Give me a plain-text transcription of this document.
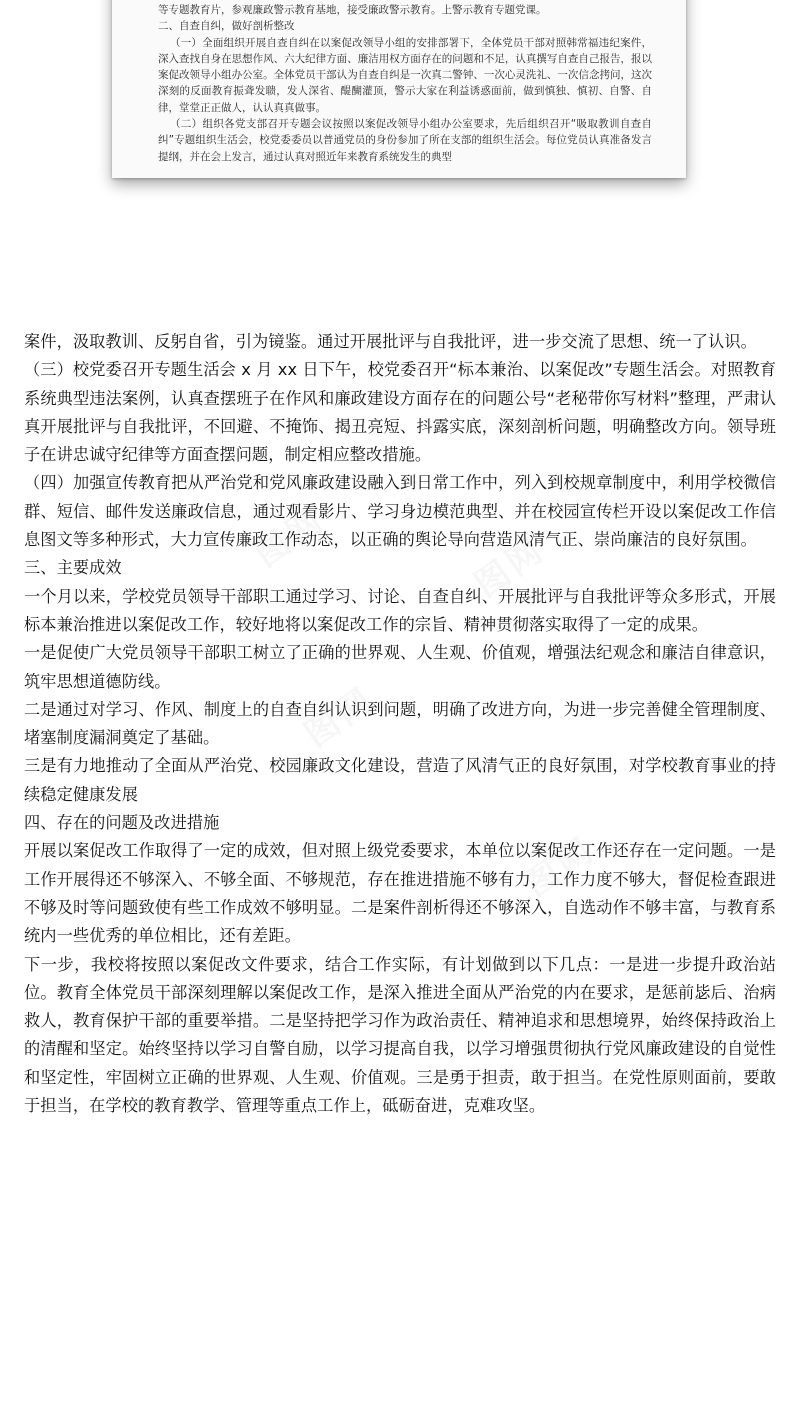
等专题教育片，参观廉政警示教育基地，接受廉政警示教育。上警示教育专题党课。

二、自查自纠，做好剖析整改

（一）全面组织开展自查自纠在以案促改领导小组的安排部署下，全体党员干部对照韩常福违纪案件，深入查找自身在思想作风、六大纪律方面、廉洁用权方面存在的问题和不足，认真撰写自查自己报告，报以案促改领导小组办公室。全体党员干部认为自查自纠是一次真二警钟、一次心灵洗礼、一次信念拷问，这次深刻的反面教育振聋发聩，发人深省、醍醐灌顶，警示大家在利益诱惑面前，做到慎独、慎初、自警、自律，堂堂正正做人，认认真真做事。

（二）组织各党支部召开专题会议按照以案促改领导小组办公室要求，先后组织召开“吸取教训自查自纠”专题组织生活会，校党委委员以普通党员的身份参加了所在支部的组织生活会。每位党员认真准备发言提纲，并在会上发言，通过认真对照近年来教育系统发生的典型

图网	图网
图网
图网

案件，汲取教训、反躬自省，引为镜鉴。通过开展批评与自我批评，进一步交流了思想、统一了认识。

（三）校党委召开专题生活会 x 月 xx 日下午，校党委召开“标本兼治、以案促改”专题生活会。对照教育系统典型违法案例，认真查摆班子在作风和廉政建设方面存在的问题公号“老秘带你写材料”整理，严肃认真开展批评与自我批评，不回避、不掩饰、揭丑亮短、抖露实底，深刻剖析问题，明确整改方向。领导班子在讲忠诚守纪律等方面查摆问题，制定相应整改措施。

（四）加强宣传教育把从严治党和党风廉政建设融入到日常工作中，列入到校规章制度中，利用学校微信群、短信、邮件发送廉政信息，通过观看影片、学习身边模范典型、并在校园宣传栏开设以案促改工作信息图文等多种形式，大力宣传廉政工作动态，以正确的舆论导向营造风清气正、崇尚廉洁的良好氛围。

三、主要成效

一个月以来，学校党员领导干部职工通过学习、讨论、自查自纠、开展批评与自我批评等众多形式，开展标本兼治推进以案促改工作，较好地将以案促改工作的宗旨、精神贯彻落实取得了一定的成果。

一是促使广大党员领导干部职工树立了正确的世界观、人生观、价值观，增强法纪观念和廉洁自律意识，筑牢思想道德防线。

二是通过对学习、作风、制度上的自查自纠认识到问题，明确了改进方向，为进一步完善健全管理制度、堵塞制度漏洞奠定了基础。

三是有力地推动了全面从严治党、校园廉政文化建设，营造了风清气正的良好氛围，对学校教育事业的持续稳定健康发展

四、存在的问题及改进措施

开展以案促改工作取得了一定的成效，但对照上级党委要求，本单位以案促改工作还存在一定问题。一是工作开展得还不够深入、不够全面、不够规范，存在推进措施不够有力，工作力度不够大，督促检查跟进不够及时等问题致使有些工作成效不够明显。二是案件剖析得还不够深入，自选动作不够丰富，与教育系统内一些优秀的单位相比，还有差距。

下一步，我校将按照以案促改文件要求，结合工作实际，有计划做到以下几点：一是进一步提升政治站位。教育全体党员干部深刻理解以案促改工作，是深入推进全面从严治党的内在要求，是惩前毖后、治病救人，教育保护干部的重要举措。二是坚持把学习作为政治责任、精神追求和思想境界，始终保持政治上的清醒和坚定。始终坚持以学习自警自励，以学习提高自我，以学习增强贯彻执行党风廉政建设的自觉性和坚定性，牢固树立正确的世界观、人生观、价值观。三是勇于担责，敢于担当。在党性原则面前，要敢于担当，在学校的教育教学、管理等重点工作上，砥砺奋进，克难攻坚。
